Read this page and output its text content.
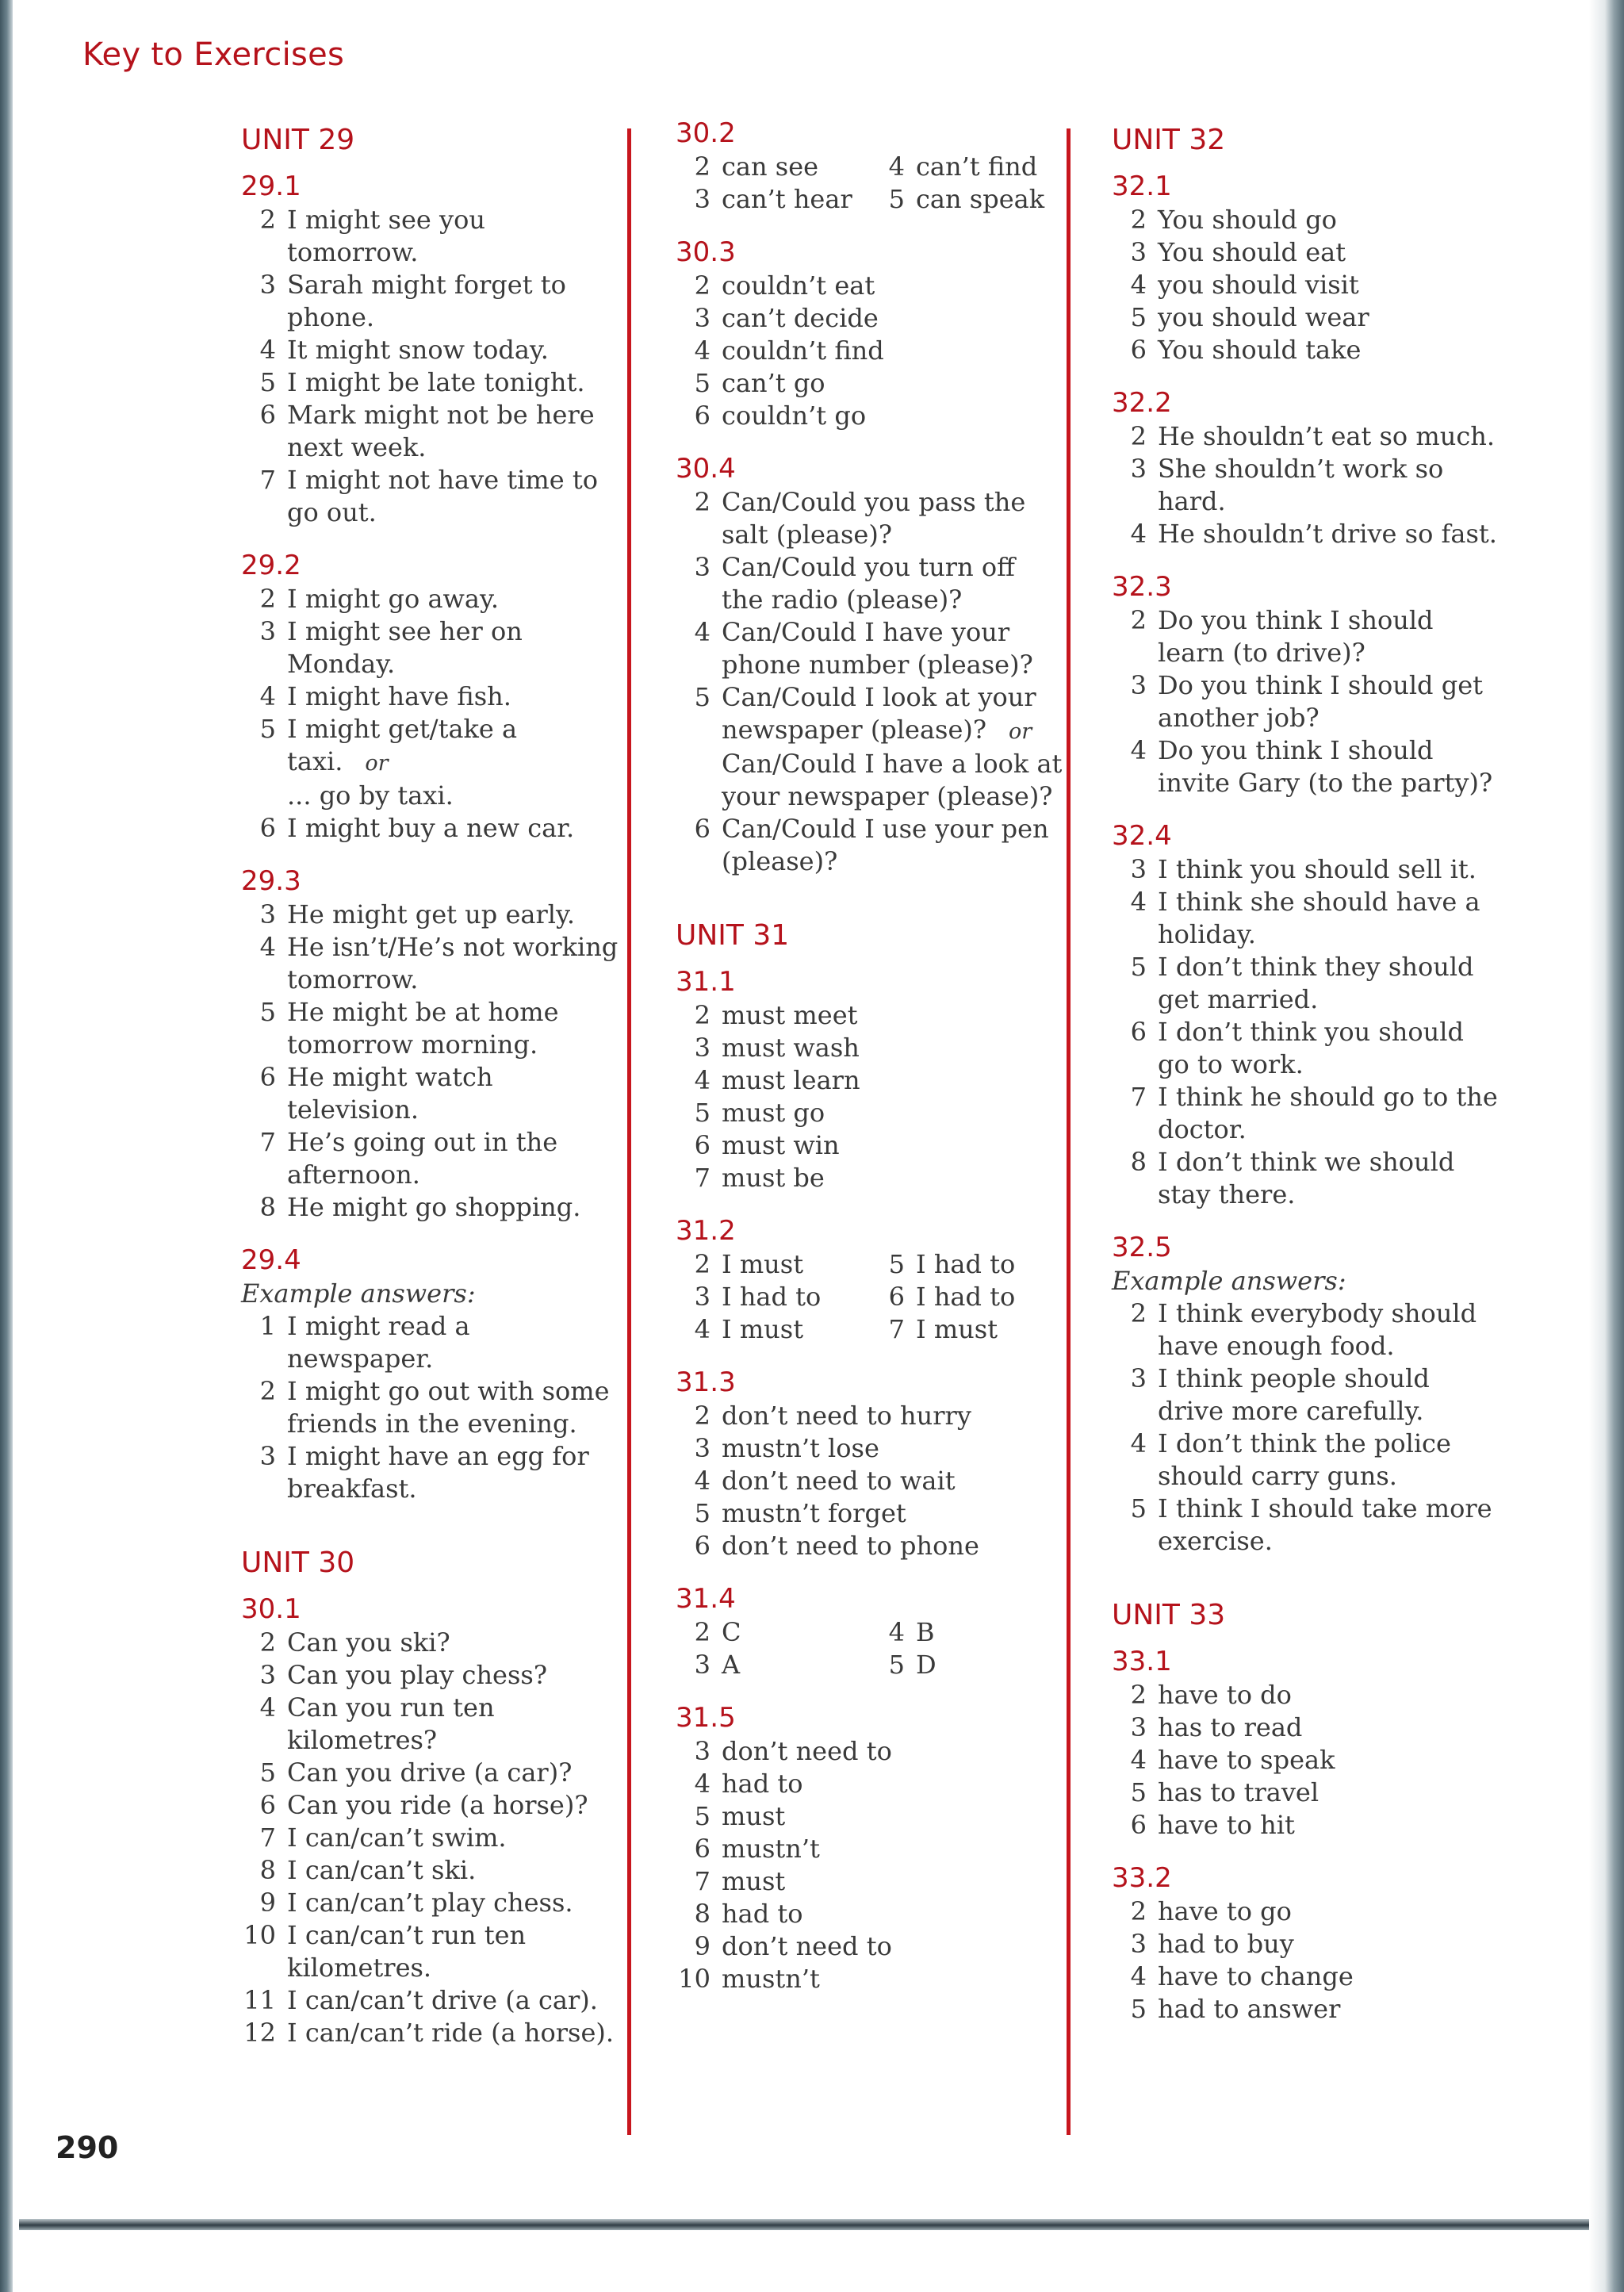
Key to Exercises
UNIT 29
29.1
2 I might see you tomorrow.
3 Sarah might forget to phone.
4 It might snow today.
5 I might be late tonight.
6 Mark might not be here next week.
7 I might not have time to go out.
29.2
2 I might go away.
3 I might see her on Monday.
4 I might have fish.
5 I might get/take a taxi. or
... go by taxi.
6 I might buy a new car.
29.3
3 He might get up early.
4 He isn’t/He’s not working tomorrow.
5 He might be at home tomorrow morning.
6 He might watch television.
7 He’s going out in the afternoon.
8 He might go shopping.
29.4
Example answers:
1 I might read a newspaper.
2 I might go out with some friends in the evening.
3 I might have an egg for breakfast.
UNIT 30
30.1
2 Can you ski?
3 Can you play chess?
4 Can you run ten kilometres?
5 Can you drive (a car)?
6 Can you ride (a horse)?
7 I can/can’t swim.
8 I can/can’t ski.
9 I can/can’t play chess.
10 I can/can’t run ten kilometres.
11 I can/can’t drive (a car).
12 I can/can’t ride (a horse).
30.2
2 can see	4 can’t find
3 can’t hear	5 can speak
30.3
2 couldn’t eat
3 can’t decide
4 couldn’t find
5 can’t go
6 couldn’t go
30.4
2 Can/Could you pass the salt (please)?
3 Can/Could you turn off the radio (please)?
4 Can/Could I have your phone number (please)?
5 Can/Could I look at your newspaper (please)? or
Can/Could I have a look at your newspaper (please)?
6 Can/Could I use your pen (please)?
UNIT 31
31.1
2 must meet
3 must wash
4 must learn
5 must go
6 must win
7 must be
31.2
2 I must	5 I had to
3 I had to	6 I had to
4 I must	7 I must
31.3
2 don’t need to hurry
3 mustn’t lose
4 don’t need to wait
5 mustn’t forget
6 don’t need to phone
31.4
2 C	4 B
3 A	5 D
31.5
3 don’t need to
4 had to
5 must
6 mustn’t
7 must
8 had to
9 don’t need to
10 mustn’t
UNIT 32
32.1
2 You should go
3 You should eat
4 you should visit
5 you should wear
6 You should take
32.2
2 He shouldn’t eat so much.
3 She shouldn’t work so hard.
4 He shouldn’t drive so fast.
32.3
2 Do you think I should learn (to drive)?
3 Do you think I should get another job?
4 Do you think I should invite Gary (to the party)?
32.4
3 I think you should sell it.
4 I think she should have a holiday.
5 I don’t think they should get married.
6 I don’t think you should go to work.
7 I think he should go to the doctor.
8 I don’t think we should stay there.
32.5
Example answers:
2 I think everybody should have enough food.
3 I think people should drive more carefully.
4 I don’t think the police should carry guns.
5 I think I should take more exercise.
UNIT 33
33.1
2 have to do
3 has to read
4 have to speak
5 has to travel
6 have to hit
33.2
2 have to go
3 had to buy
4 have to change
5 had to answer
290
